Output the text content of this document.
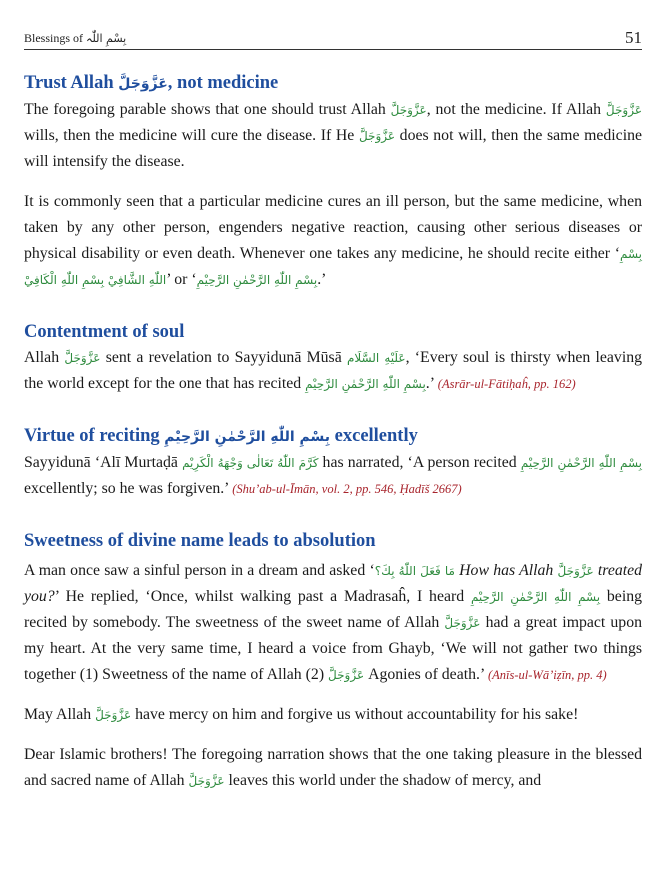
Blessings of بِسْمِ اللّٰہ	51
Trust Allah عَزَّوَجَلَّ, not medicine

The foregoing parable shows that one should trust Allah عَزَّوَجَلَّ, not the medicine. If Allah عَزَّوَجَلَّ wills, then the medicine will cure the disease. If He عَزَّوَجَلَّ does not will, then the same medicine will intensify the disease.

It is commonly seen that a particular medicine cures an ill person, but the same medicine, when taken by any other person, engenders negative reaction, causing other serious diseases or physical disability or even death. Whenever one takes any medicine, he should recite either ‘بِسْمِ اللّٰهِ الشَّافِيْ بِسْمِ اللّٰهِ الْكَافِيْ’ or ‘بِسْمِ اللّٰهِ الرَّحْمٰنِ الرَّحِیْمِ.’

Contentment of soul

Allah عَزَّوَجَلَّ sent a revelation to Sayyidunā Mūsā عَلَیْهِ السَّلَام, ‘Every soul is thirsty when leaving the world except for the one that has recited بِسْمِ اللّٰهِ الرَّحْمٰنِ الرَّحِیْمِ.’ (Asrār-ul-Fātiḥaĥ, pp. 162)

Virtue of reciting بِسْمِ اللّٰهِ الرَّحْمٰنِ الرَّحِیْمِ excellently

Sayyidunā ‘Alī Murtaḍā كَرَّمَ اللّٰهُ تَعَالٰی وَجْهَهُ الْكَرِيْم has narrated, ‘A person recited بِسْمِ اللّٰهِ الرَّحْمٰنِ الرَّحِیْمِ excellently; so he was forgiven.’ (Shu’ab-ul-Īmān, vol. 2, pp. 546, Ḥadīš 2667)

Sweetness of divine name leads to absolution

A man once saw a sinful person in a dream and asked ‘مَا فَعَلَ اللّٰهُ بِكَ؟ How has Allah عَزَّوَجَلَّ treated you?’ He replied, ‘Once, whilst walking past a Madrasaĥ, I heard بِسْمِ اللّٰهِ الرَّحْمٰنِ الرَّحِیْمِ being recited by somebody. The sweetness of the sweet name of Allah عَزَّوَجَلَّ had a great impact upon my heart. At the very same time, I heard a voice from Ghayb, ‘We will not gather two things together (1) Sweetness of the name of Allah عَزَّوَجَلَّ (2) Agonies of death.’ (Anīs-ul-Wā’iẓīn, pp. 4)

May Allah عَزَّوَجَلَّ have mercy on him and forgive us without accountability for his sake!

Dear Islamic brothers! The foregoing narration shows that the one taking pleasure in the blessed and sacred name of Allah عَزَّوَجَلَّ leaves this world under the shadow of mercy, and
